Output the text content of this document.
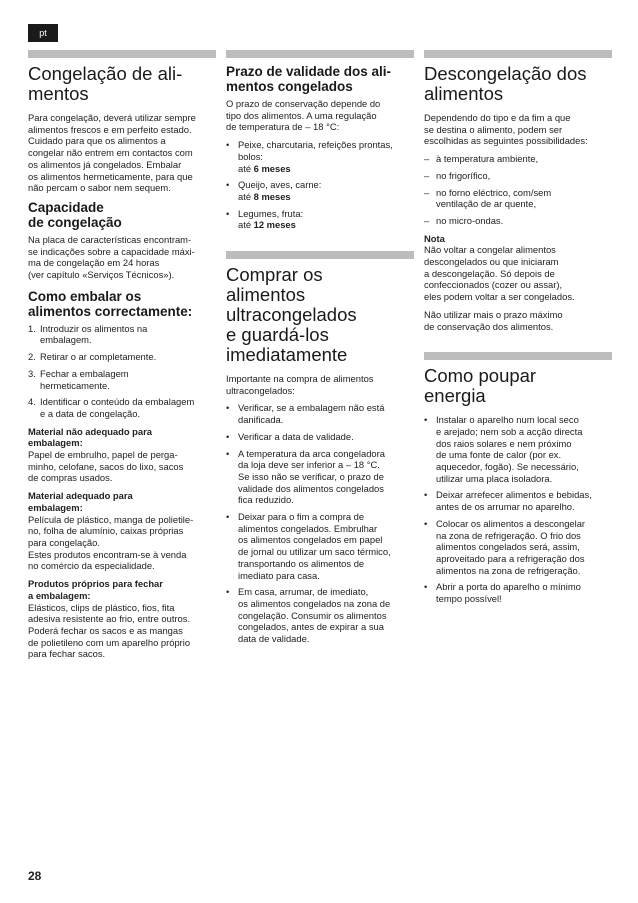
pt
Congelação de ali-
mentos
Para congelação, deverá utilizar sempre
alimentos frescos e em perfeito estado.
Cuidado para que os alimentos a
congelar não entrem em contactos com
os alimentos já congelados. Embalar
os alimentos hermeticamente, para que
não percam o sabor nem sequem.
Capacidade
de congelação
Na placa de características encontram-
se indicações sobre a capacidade máxi-
ma de congelação em 24 horas
(ver capítulo «Serviços Técnicos»).
Como embalar os
alimentos correctamente:
1. Introduzir os alimentos na
embalagem.
2. Retirar o ar completamente.
3. Fechar a embalagem
hermeticamente.
4. Identificar o conteúdo da embalagem
e a data de congelação.
Material não adequado para
embalagem:
Papel de embrulho, papel de perga-
minho, celofane, sacos do lixo, sacos
de compras usados.
Material adequado para
embalagem:
Película de plástico, manga de polietile-
no, folha de alumínio, caixas próprias
para congelação.
Estes produtos encontram-se à venda
no comércio da especialidade.
Produtos próprios para fechar
a embalagem:
Elásticos, clips de plástico, fios, fita
adesiva resistente ao frio, entre outros.
Poderá fechar os sacos e as mangas
de polietileno com um aparelho próprio
para fechar sacos.
Prazo de validade dos ali-
mentos congelados
O prazo de conservação depende do
tipo dos alimentos. A uma regulação
de temperatura de – 18 °C:
• Peixe, charcutaria, refeições prontas,
bolos:
até 6 meses
• Queijo, aves, carne:
até 8 meses
• Legumes, fruta:
até 12 meses
Comprar os
alimentos
ultracongelados
e guardá-los
imediatamente
Importante na compra de alimentos
ultracongelados:
• Verificar, se a embalagem não está
danificada.
• Verificar a data de validade.
• A temperatura da arca congeladora
da loja deve ser inferior a – 18 °C.
Se isso não se verificar, o prazo de
validade dos alimentos congelados
fica reduzido.
• Deixar para o fim a compra de
alimentos congelados. Embrulhar
os alimentos congelados em papel
de jornal ou utilizar um saco térmico,
transportando os alimentos de
imediato para casa.
• Em casa, arrumar, de imediato,
os alimentos congelados na zona de
congelação. Consumir os alimentos
congelados, antes de expirar a sua
data de validade.
Descongelação dos
alimentos
Dependendo do tipo e da fim a que
se destina o alimento, podem ser
escolhidas as seguintes possibilidades:
– à temperatura ambiente,
– no frigorífico,
– no forno eléctrico, com/sem
ventilação de ar quente,
– no micro-ondas.
Nota
Não voltar a congelar alimentos
descongelados ou que iniciaram
a descongelação. Só depois de
confeccionados (cozer ou assar),
eles podem voltar a ser congelados.
Não utilizar mais o prazo máximo
de conservação dos alimentos.
Como poupar
energia
• Instalar o aparelho num local seco
e arejado; nem sob a acção directa
dos raios solares e nem próximo
de uma fonte de calor (por ex.
aquecedor, fogão). Se necessário,
utilizar uma placa isoladora.
• Deixar arrefecer alimentos e bebidas,
antes de os arrumar no aparelho.
• Colocar os alimentos a descongelar
na zona de refrigeração. O frio dos
alimentos congelados será, assim,
aproveitado para a refrigeração dos
alimentos na zona de refrigeração.
• Abrir a porta do aparelho o mínimo
tempo possível!
28
